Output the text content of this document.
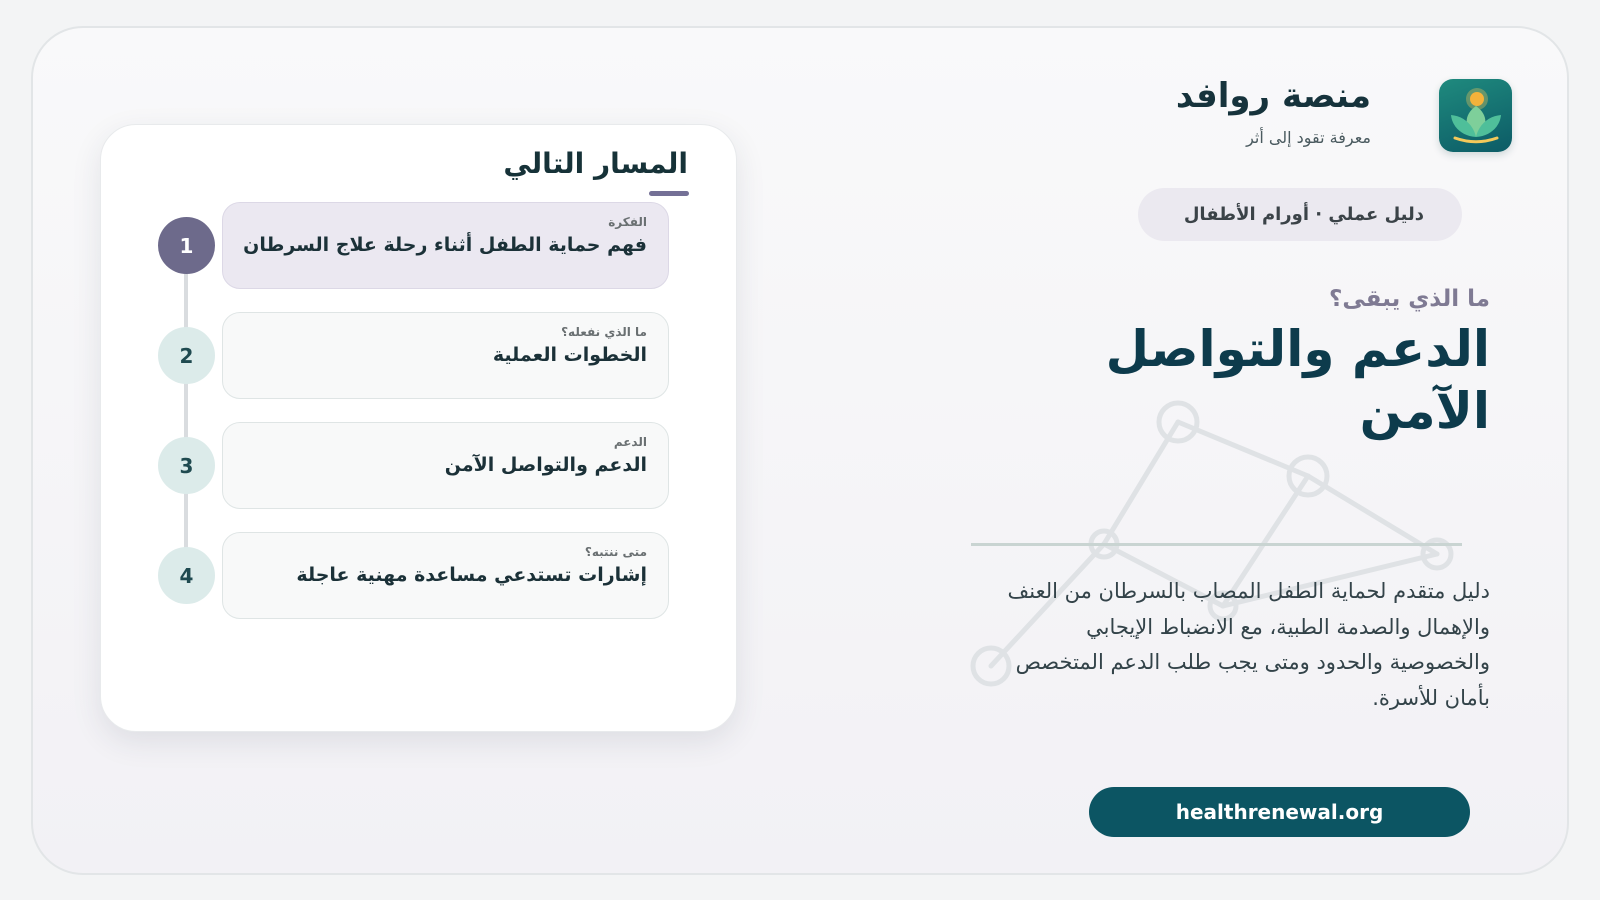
منصة روافد
معرفة تقود إلى أثر
دليل عملي · أورام الأطفال
ما الذي يبقى؟
الدعم والتواصل الآمن

دليل متقدم لحماية الطفل المصاب بالسرطان من العنف والإهمال والصدمة الطبية، مع الانضباط الإيجابي والخصوصية والحدود ومتى يجب طلب الدعم المتخصص بأمان للأسرة.

healthrenewal.org
المسار التالي
الفكرة
فهم حماية الطفل أثناء رحلة علاج السرطان
1
ما الذي نفعله؟
الخطوات العملية
2
الدعم
الدعم والتواصل الآمن
3
متى ننتبه؟
إشارات تستدعي مساعدة مهنية عاجلة
4
